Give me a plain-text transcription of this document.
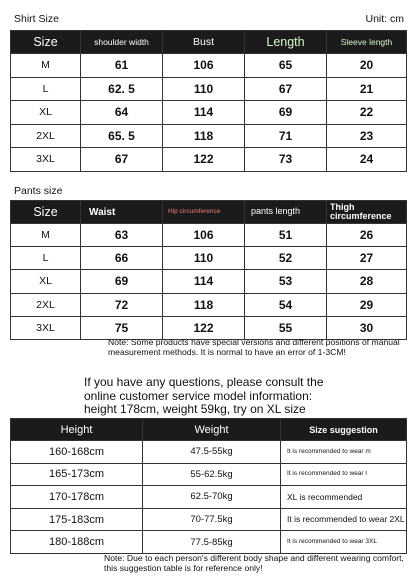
Shirt Size	Unit: cm
Size	shoulder width	Bust	Length	Sleeve length
M	61	106	65	20
L	62. 5	110	67	21
XL	64	114	69	22
2XL	65. 5	118	71	23
3XL	67	122	73	24
Pants size
Size	Waist	Hip circumference	pants length	Thigh circumference
M	63	106	51	26
L	66	110	52	27
XL	69	114	53	28
2XL	72	118	54	29
3XL	75	122	55	30
Note: Some products have special versions and different positions of manual measurement methods. It is normal to have an error of 1-3CM!
If you have any questions, please consult the online customer service model information: height 178cm, weight 59kg, try on XL size
Height	Weight	Size suggestion
160-168cm	47.5-55kg	It is recommended to wear m
165-173cm	55-62.5kg	It is recommended to wear l
170-178cm	62.5-70kg	XL is recommended
175-183cm	70-77.5kg	It is recommended to wear 2XL
180-188cm	77.5-85kg	It is recommended to wear 3XL
Note: Due to each person's different body shape and different wearing comfort, this suggestion table is for reference only!
